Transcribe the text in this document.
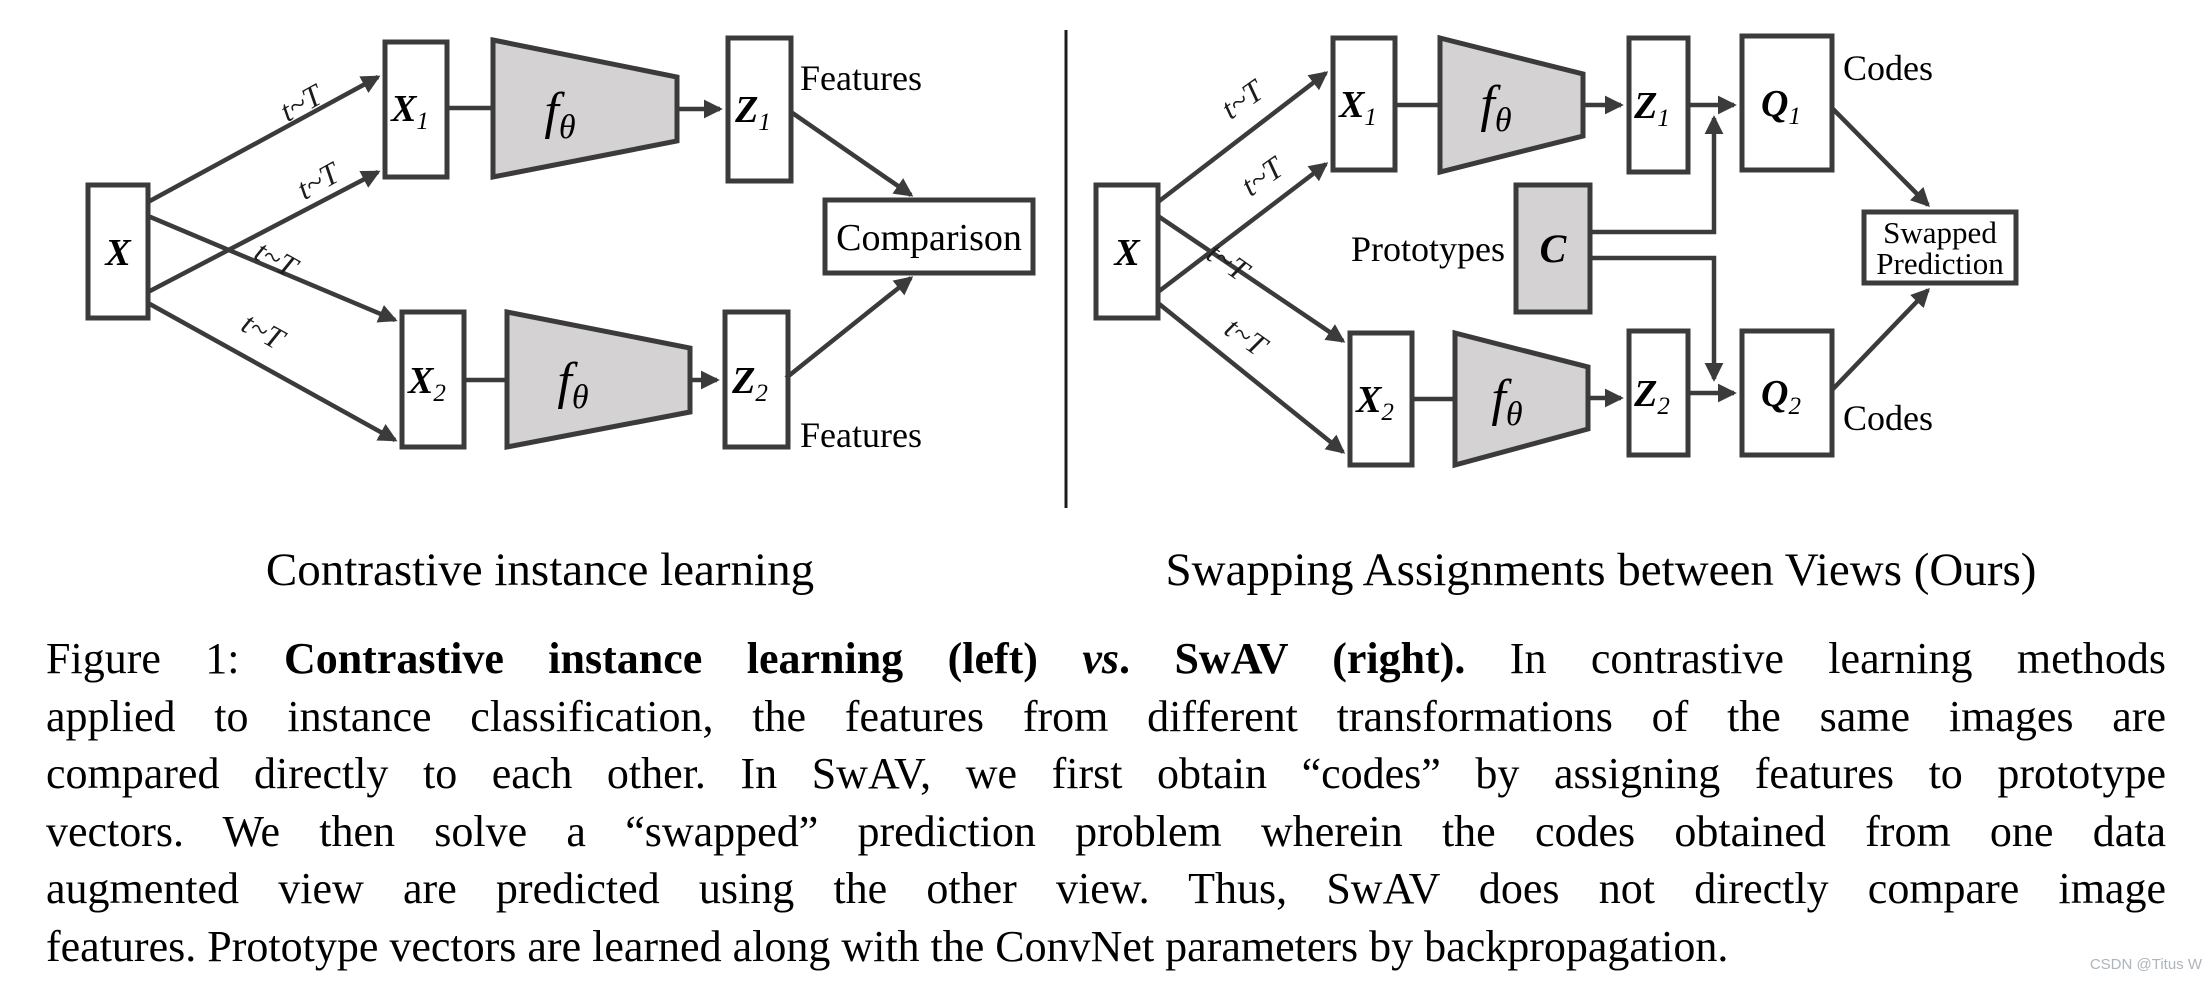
t~T
t~T
t~T
t~T
X
X1
X2
fθ
fθ
Z1
Z2
Features
Features
Comparison
Contrastive instance learning
t~T
t~T
t~T
t~T
X
X1
X2
fθ
fθ
Z1
Z2
Prototypes C
Q1
Q2
Codes
Codes
Swapped
Prediction
Swapping Assignments between Views (Ours)
Figure 1: Contrastive instance learning (left) vs. SwAV (right). In contrastive learning methods
applied to instance classification, the features from different transformations of the same images are
compared directly to each other. In SwAV, we first obtain “codes” by assigning features to prototype
vectors. We then solve a “swapped” prediction problem wherein the codes obtained from one data
augmented view are predicted using the other view. Thus, SwAV does not directly compare image
features. Prototype vectors are learned along with the ConvNet parameters by backpropagation.	CSDN @Titus W
